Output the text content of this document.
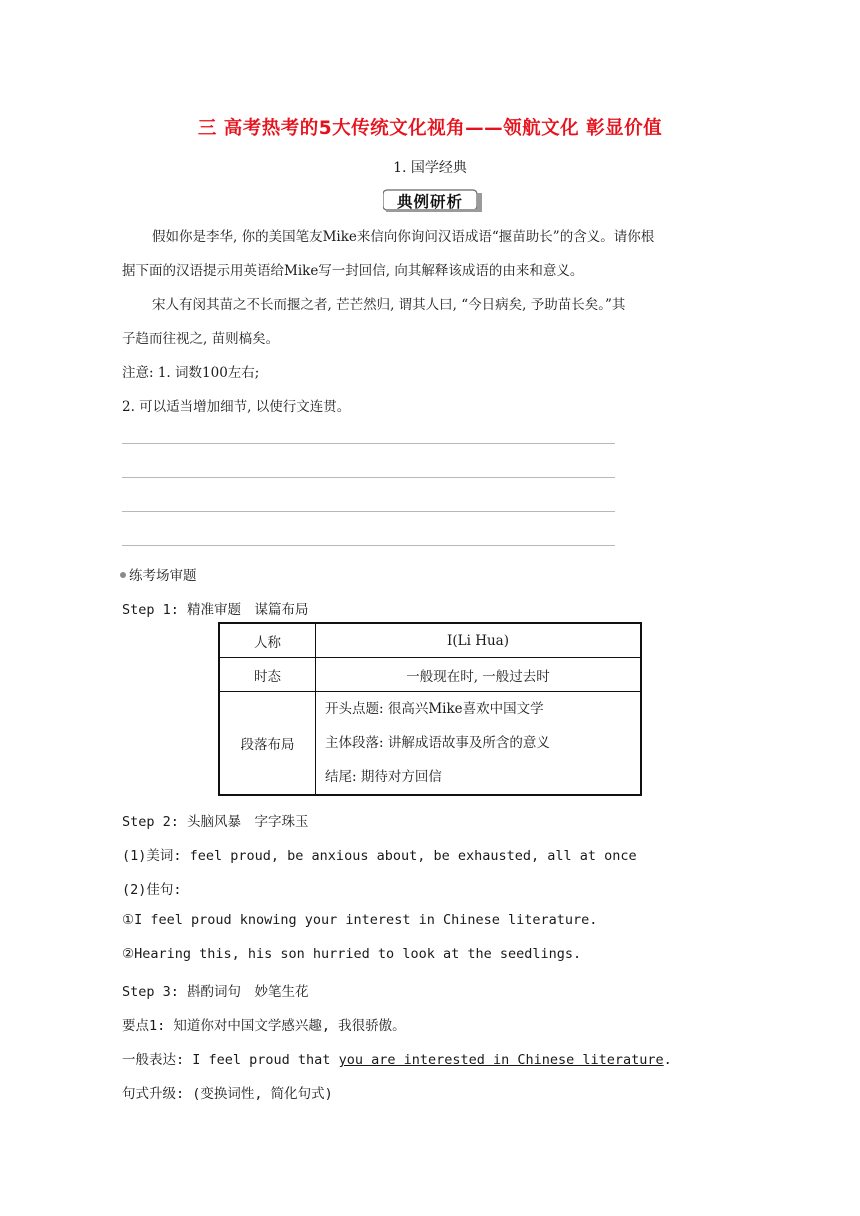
三 高考热考的5大传统文化视角——领航文化 彰显价值
1. 国学经典
典例研析
假如你是李华, 你的美国笔友Mike来信向你询问汉语成语“揠苗助长”的含义。请你根
据下面的汉语提示用英语给Mike写一封回信, 向其解释该成语的由来和意义。
宋人有闵其苗之不长而揠之者, 芒芒然归, 谓其人曰, “今日病矣, 予助苗长矣。”其
子趋而往视之, 苗则槁矣。
注意: 1. 词数100左右;
2. 可以适当增加细节, 以使行文连贯。
练考场审题
Step 1: 精准审题　谋篇布局
人称	I(Li Hua)
时态	一般现在时, 一般过去时
段落布局	开头点题: 很高兴Mike喜欢中国文学
主体段落: 讲解成语故事及所含的意义
结尾: 期待对方回信
Step 2: 头脑风暴　字字珠玉
(1)美词: feel proud, be anxious about, be exhausted, all at once
(2)佳句:
①I feel proud knowing your interest in Chinese literature.
②Hearing this, his son hurried to look at the seedlings.
Step 3: 斟酌词句　妙笔生花
要点1: 知道你对中国文学感兴趣, 我很骄傲。
一般表达: I feel proud that you are interested in Chinese literature.
句式升级: (变换词性, 简化句式)
